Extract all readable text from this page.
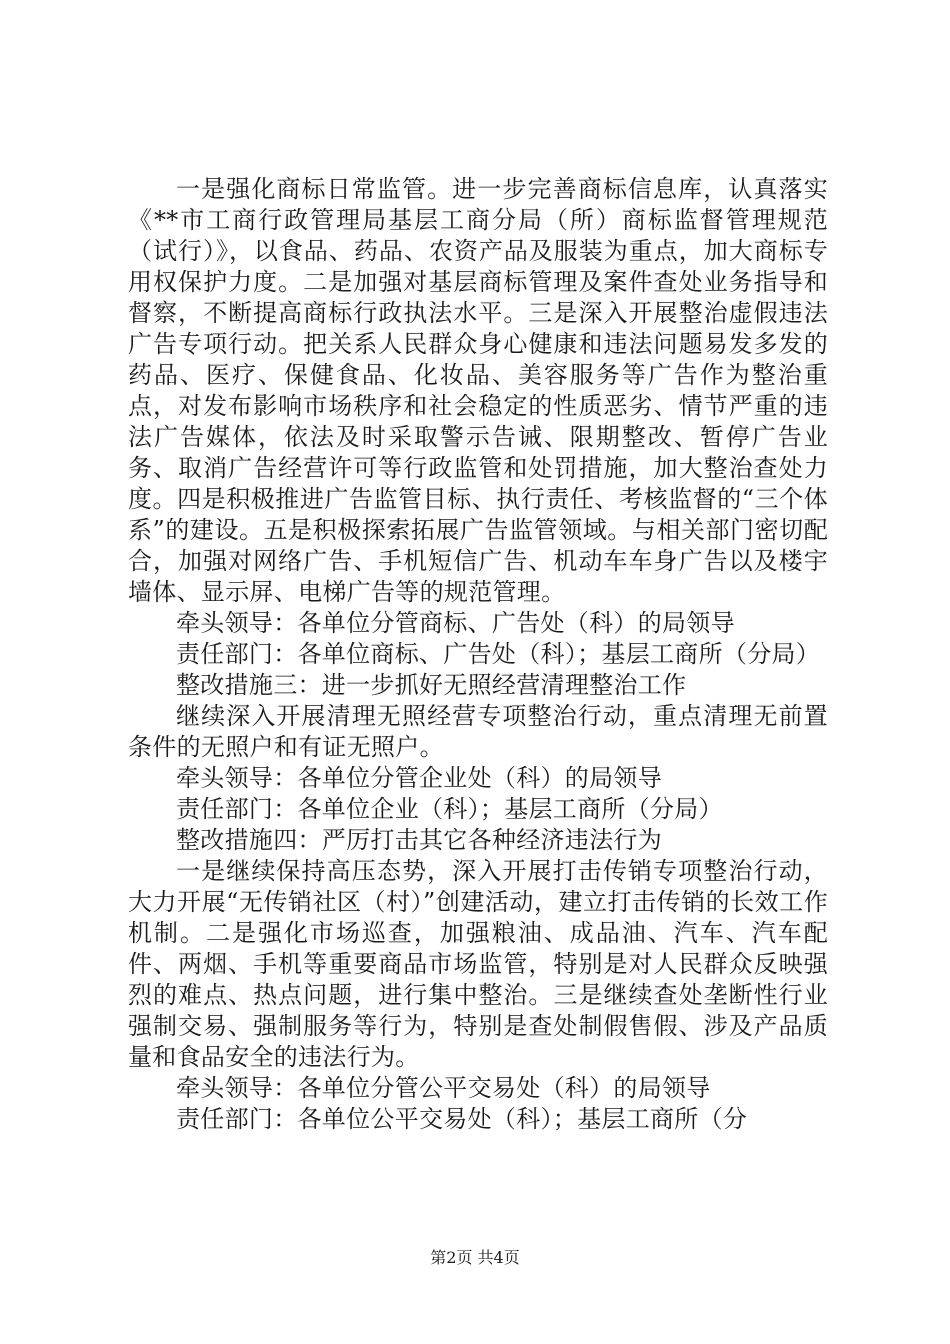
一是强化商标日常监管。进一步完善商标信息库，认真落实《**市工商行政管理局基层工商分局（所）商标监督管理规范（试行）》，以食品、药品、农资产品及服装为重点，加大商标专用权保护力度。二是加强对基层商标管理及案件查处业务指导和督察，不断提高商标行政执法水平。三是深入开展整治虚假违法广告专项行动。把关系人民群众身心健康和违法问题易发多发的药品、医疗、保健食品、化妆品、美容服务等广告作为整治重点，对发布影响市场秩序和社会稳定的性质恶劣、情节严重的违法广告媒体，依法及时采取警示告诫、限期整改、暂停广告业务、取消广告经营许可等行政监管和处罚措施，加大整治查处力度。四是积极推进广告监管目标、执行责任、考核监督的“三个体系”的建设。五是积极探索拓展广告监管领域。与相关部门密切配合，加强对网络广告、手机短信广告、机动车车身广告以及楼宇墙体、显示屏、电梯广告等的规范管理。

牵头领导：各单位分管商标、广告处（科）的局领导

责任部门：各单位商标、广告处（科）；基层工商所（分局）

整改措施三：进一步抓好无照经营清理整治工作

继续深入开展清理无照经营专项整治行动，重点清理无前置条件的无照户和有证无照户。

牵头领导：各单位分管企业处（科）的局领导

责任部门：各单位企业（科）；基层工商所（分局）

整改措施四：严厉打击其它各种经济违法行为

一是继续保持高压态势，深入开展打击传销专项整治行动，大力开展“无传销社区（村）”创建活动，建立打击传销的长效工作机制。二是强化市场巡查，加强粮油、成品油、汽车、汽车配件、两烟、手机等重要商品市场监管，特别是对人民群众反映强烈的难点、热点问题，进行集中整治。三是继续查处垄断性行业强制交易、强制服务等行为，特别是查处制假售假、涉及产品质量和食品安全的违法行为。

牵头领导：各单位分管公平交易处（科）的局领导

责任部门：各单位公平交易处（科）；基层工商所（分

第2页 共4页
